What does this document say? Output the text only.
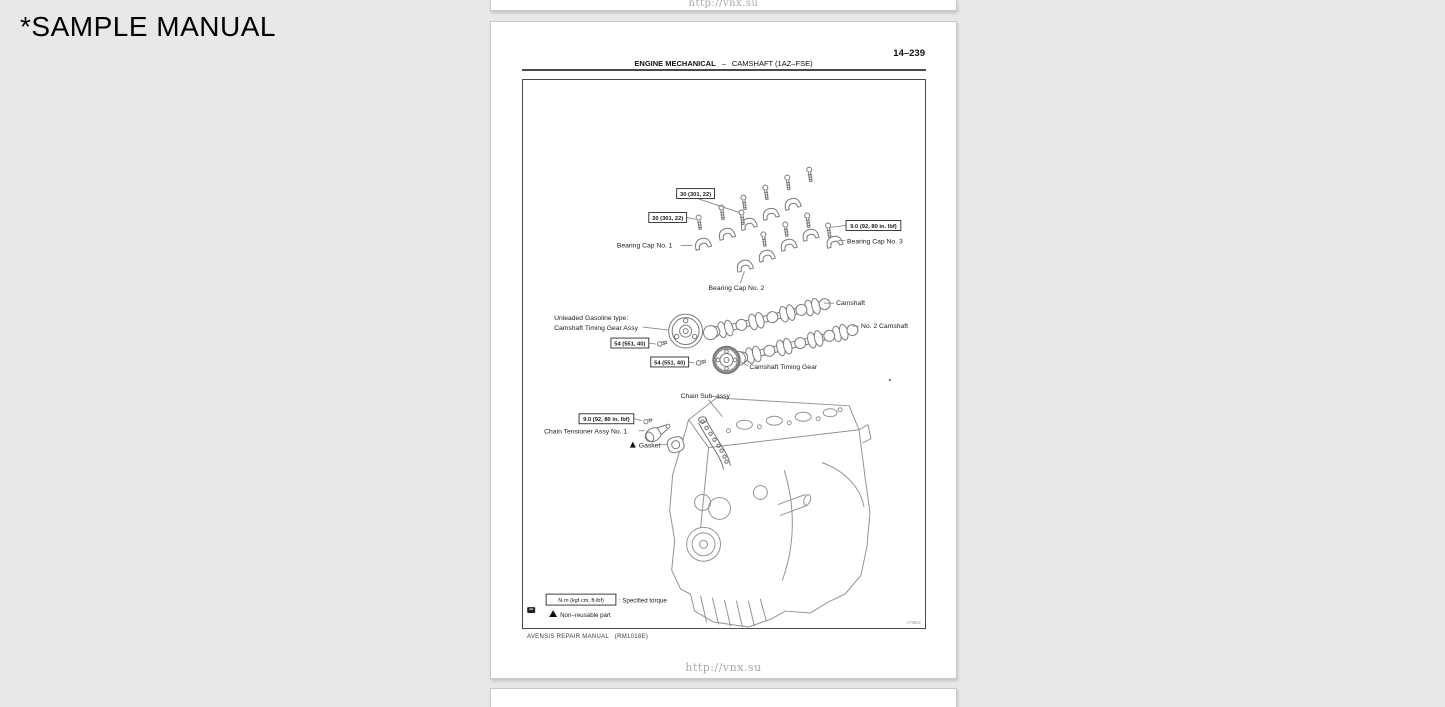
*SAMPLE MANUAL
http://vnx.su
14–239
ENGINE MECHANICAL – CAMSHAFT (1AZ–FSE)
30 (301, 22)
30 (301, 22)
9.0 (92, 80 in. lbf)
54 (551, 40)
54 (551, 40)
9.0 (92, 80 in. lbf)
Bearing Cap No. 1
Bearing Cap No. 3
Bearing Cap No. 2
Camshaft
Unleaded Gasoline type:
Camshaft Timing Gear Assy	No. 2 Camshaft
Camshaft Timing Gear
Chain Sub–assy
Chain Tensioner Assy No. 1
Gasket
N·m (kgf·cm, ft·lbf) : Specified torque
Non–reusable part
A79802
AVENSIS REPAIR MANUAL   (RM1018E)
http://vnx.su
